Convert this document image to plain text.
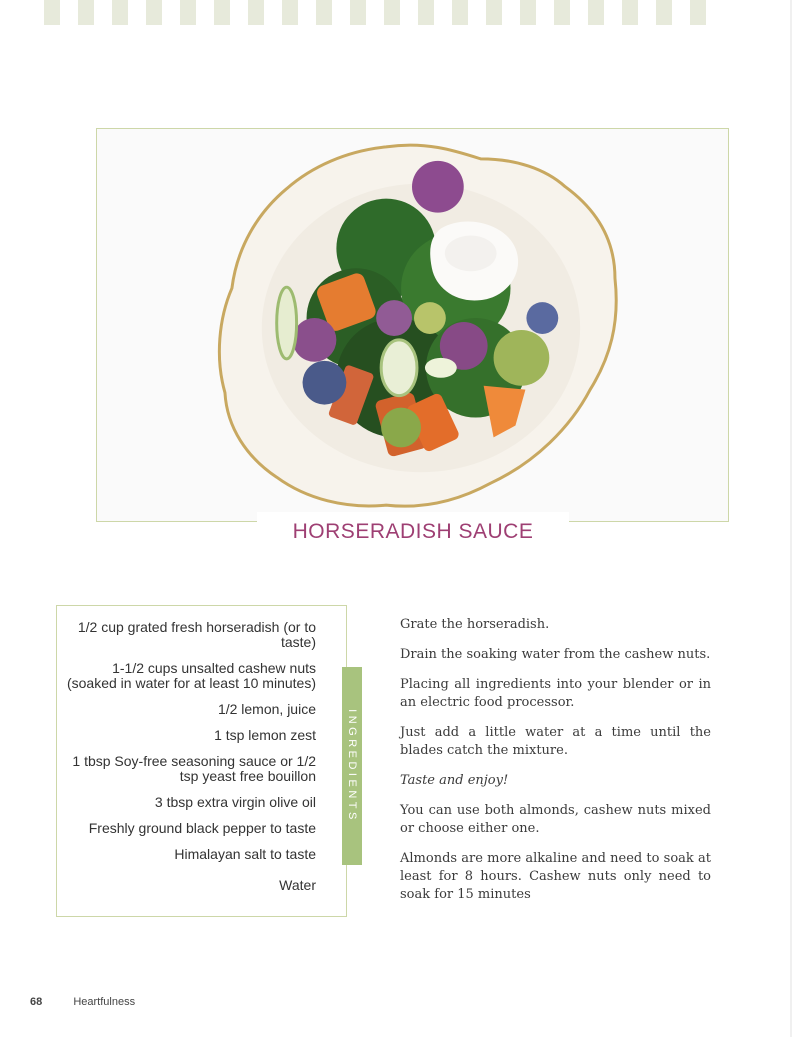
HORSERADISH SAUCE
1/2 cup grated fresh horseradish (or to taste)
1-1/2 cups unsalted cashew nuts (soaked in water for at least 10 minutes)
1/2 lemon, juice
1 tsp lemon zest
1 tbsp Soy-free seasoning sauce or 1/2 tsp yeast free bouillon
3 tbsp extra virgin olive oil
Freshly ground black pepper to taste
Himalayan salt to taste
Water
INGREDIENTS

Grate the horseradish.

Drain the soaking water from the cashew nuts.

Placing all ingredients into your blender or in an electric food processor.

Just add a little water at a time until the blades catch the mixture.

Taste and enjoy!

You can use both almonds, cashew nuts mixed or choose either one.

Almonds are more alkaline and need to soak at least for 8 hours. Cashew nuts only need to soak for 15 minutes

68	Heartfulness
